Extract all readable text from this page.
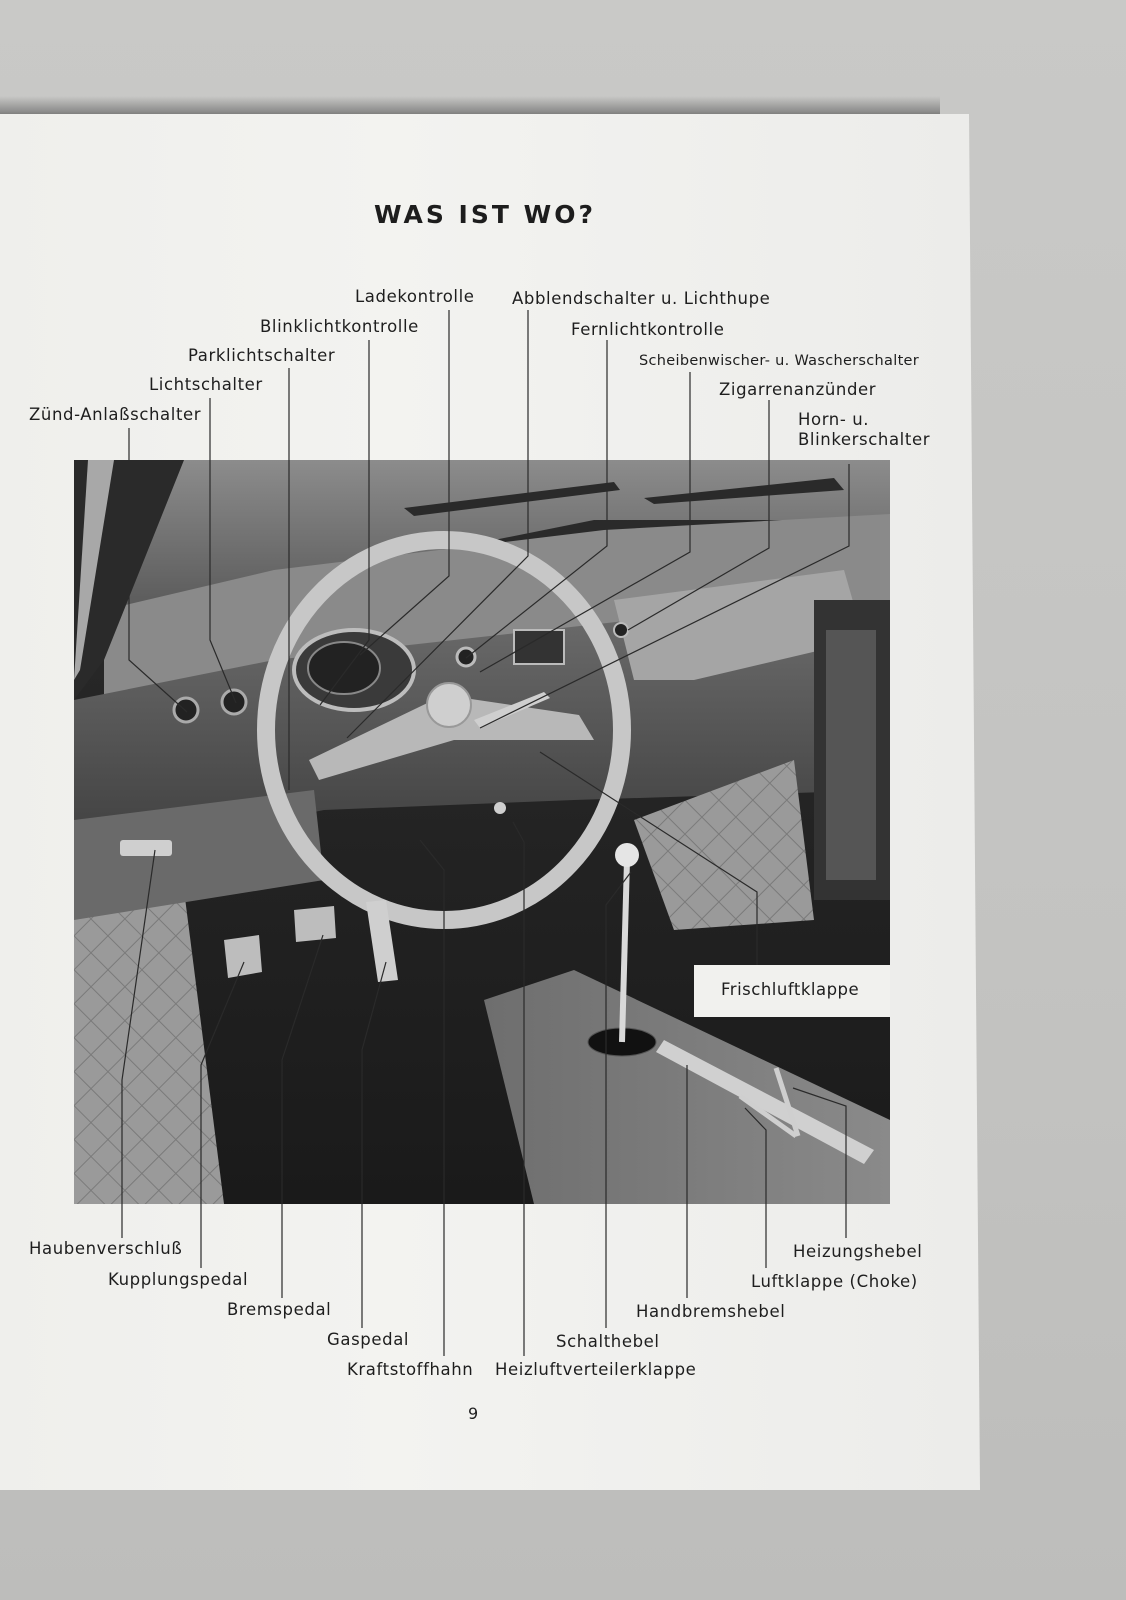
WAS IST WO?
Ladekontrolle Abblendschalter u. Lichthupe
Blinklichtkontrolle	Fernlichtkontrolle
Parklichtschalter	Scheibenwischer- u. Wascherschalter
Lichtschalter	Zigarrenanzünder
Zünd-Anlaßschalter	Horn- u.
Blinkerschalter
Frischluftklappe
Haubenverschluß	Heizungshebel
Kupplungspedal	Luftklappe (Choke)
Bremspedal	Handbremshebel
Gaspedal	Schalthebel
Kraftstoffhahn Heizluftverteilerklappe
9
